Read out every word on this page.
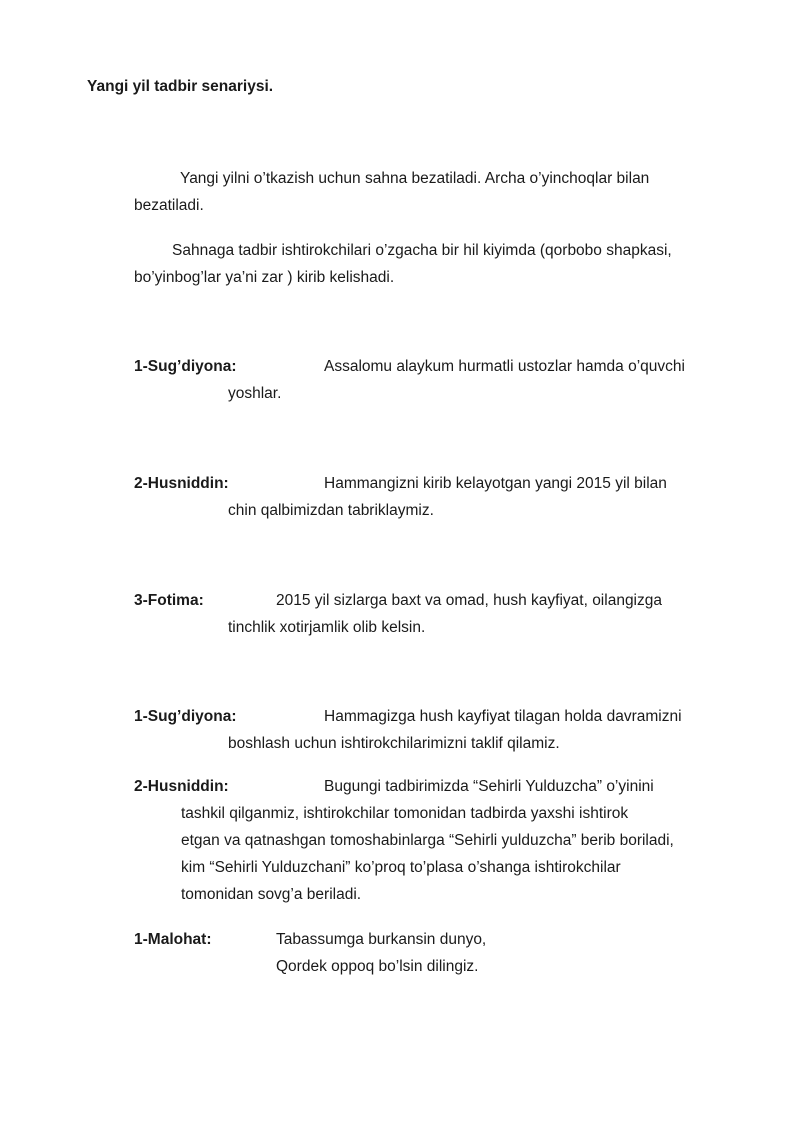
Yangi yil tadbir senariysi.
Yangi yilni o’tkazish uchun sahna bezatiladi. Archa o’yinchoqlar bilan
bezatiladi.
Sahnaga tadbir ishtirokchilari o’zgacha bir hil kiyimda (qorbobo shapkasi,
bo’yinbog’lar ya’ni zar ) kirib kelishadi.
1-Sug’diyona:	Assalomu alaykum hurmatli ustozlar hamda o’quvchi
yoshlar.
2-Husniddin:	Hammangizni kirib kelayotgan yangi 2015 yil bilan
chin qalbimizdan tabriklaymiz.
3-Fotima:	2015 yil sizlarga baxt va omad, hush kayfiyat, oilangizga
tinchlik xotirjamlik olib kelsin.
1-Sug’diyona:	Hammagizga hush kayfiyat tilagan holda davramizni
boshlash uchun ishtirokchilarimizni taklif qilamiz.
2-Husniddin:	Bugungi tadbirimizda “Sehirli Yulduzcha” o’yinini
tashkil qilganmiz, ishtirokchilar tomonidan tadbirda yaxshi ishtirok
etgan va qatnashgan tomoshabinlarga “Sehirli yulduzcha” berib boriladi,
kim “Sehirli Yulduzchani” ko’proq to’plasa o’shanga ishtirokchilar
tomonidan sovg’a beriladi.
1-Malohat:	Tabassumga burkansin dunyo,
Qordek oppoq bo’lsin dilingiz.
